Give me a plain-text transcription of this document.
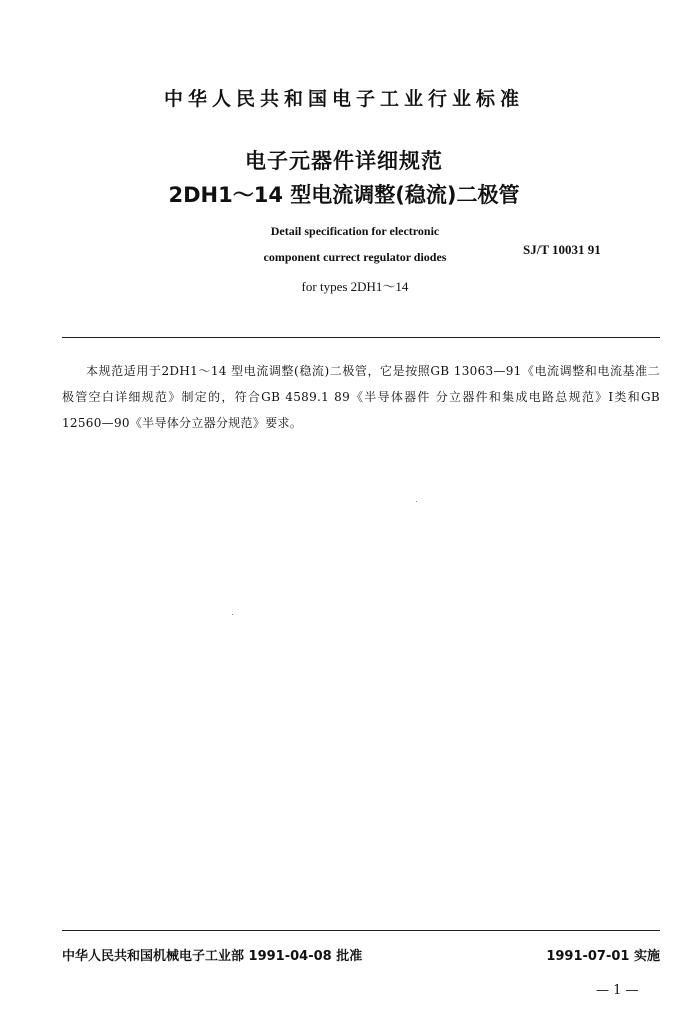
中华人民共和国电子工业行业标准
电子元器件详细规范
2DH1～14 型电流调整(稳流)二极管
Detail specification for electronic
component currect regulator diodes
for types 2DH1～14
SJ/T 10031 91
本规范适用于2DH1～14 型电流调整(稳流)二极管，它是按照GB 13063—91《电流调整和电流基准二极管空白详细规范》制定的，符合GB 4589.1 89《半导体器件 分立器件和集成电路总规范》Ⅰ类和GB 12560—90《半导体分立器分规范》要求。
中华人民共和国机械电子工业部 1991-04-08 批准	1991-07-01 实施
— 1 —
